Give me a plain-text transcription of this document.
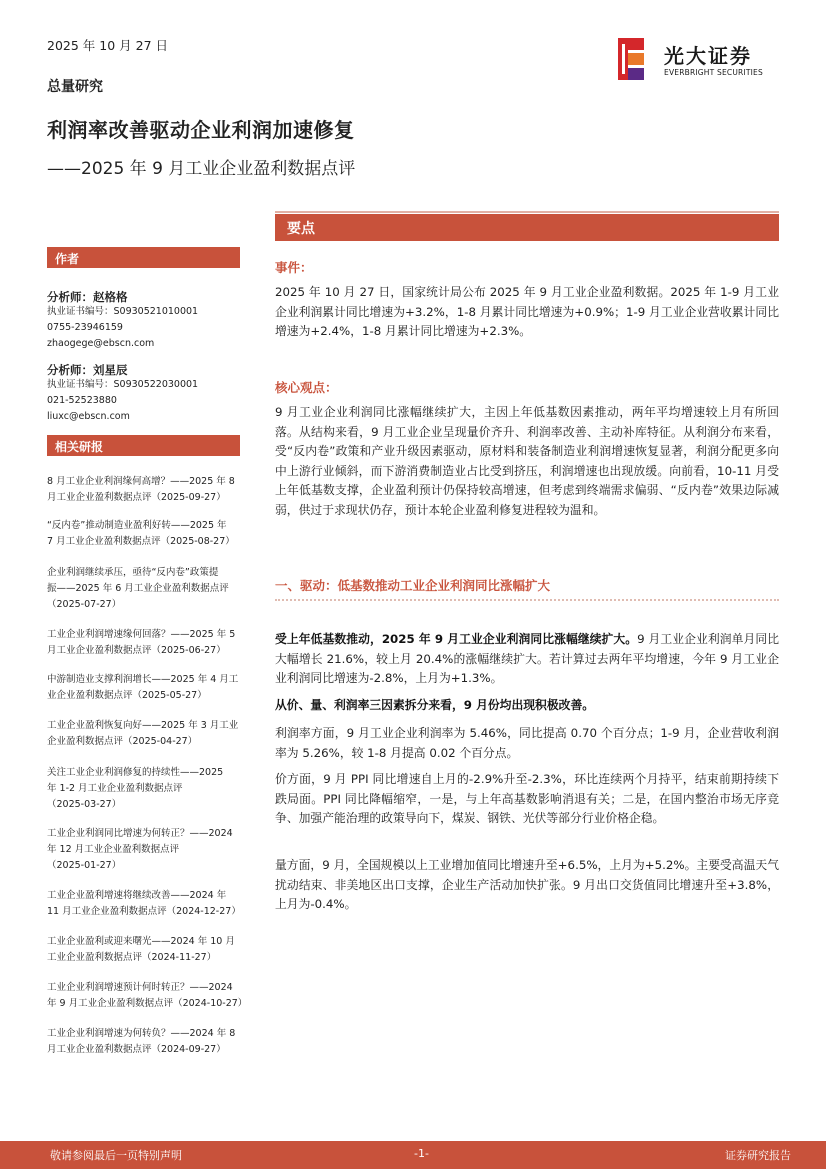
2025 年 10 月 27 日
总量研究
利润率改善驱动企业利润加速修复
——2025 年 9 月工业企业盈利数据点评
光大证券
EVERBRIGHT SECURITIES
要点
作者
分析师：赵格格
执业证书编号：S0930521010001
0755-23946159
zhaogege@ebscn.com
分析师：刘星辰
执业证书编号：S0930522030001
021-52523880
liuxc@ebscn.com
相关研报
8 月工业企业利润缘何高增？——2025 年 8
月工业企业盈利数据点评（2025-09-27）
“反内卷”推动制造业盈利好转——2025 年
7 月工业企业盈利数据点评（2025-08-27）
企业利润继续承压，亟待“反内卷”政策提
振——2025 年 6 月工业企业盈利数据点评
（2025-07-27）
工业企业利润增速缘何回落？——2025 年 5
月工业企业盈利数据点评（2025-06-27）
中游制造业支撑利润增长——2025 年 4 月工
业企业盈利数据点评（2025-05-27）
工业企业盈利恢复向好——2025 年 3 月工业
企业盈利数据点评（2025-04-27）
关注工业企业利润修复的持续性——2025
年 1-2 月工业企业盈利数据点评
（2025-03-27）
工业企业利润同比增速为何转正？——2024
年 12 月工业企业盈利数据点评
（2025-01-27）
工业企业盈利增速将继续改善——2024 年
11 月工业企业盈利数据点评（2024-12-27）
工业企业盈利或迎来曙光——2024 年 10 月
工业企业盈利数据点评（2024-11-27）
工业企业利润增速预计何时转正？——2024
年 9 月工业企业盈利数据点评（2024-10-27）
工业企业利润增速为何转负？——2024 年 8
月工业企业盈利数据点评（2024-09-27）
事件：
2025 年 10 月 27 日，国家统计局公布 2025 年 9 月工业企业盈利数据。2025 年 1-9 月工业企业利润累计同比增速为+3.2%，1-8 月累计同比增速为+0.9%；1-9 月工业企业营收累计同比增速为+2.4%，1-8 月累计同比增速为+2.3%。
核心观点：
9 月工业企业利润同比涨幅继续扩大，主因上年低基数因素推动，两年平均增速较上月有所回落。从结构来看，9 月工业企业呈现量价齐升、利润率改善、主动补库特征。从利润分布来看，受“反内卷”政策和产业升级因素驱动，原材料和装备制造业利润增速恢复显著，利润分配更多向中上游行业倾斜，而下游消费制造业占比受到挤压，利润增速也出现放缓。向前看，10-11 月受上年低基数支撑，企业盈利预计仍保持较高增速，但考虑到终端需求偏弱、“反内卷”效果边际减弱，供过于求现状仍存，预计本轮企业盈利修复进程较为温和。
一、驱动：低基数推动工业企业利润同比涨幅扩大
受上年低基数推动，2025 年 9 月工业企业利润同比涨幅继续扩大。9 月工业企业利润单月同比大幅增长 21.6%，较上月 20.4%的涨幅继续扩大。若计算过去两年平均增速，今年 9 月工业企业利润同比增速为-2.8%，上月为+1.3%。
从价、量、利润率三因素拆分来看，9 月份均出现积极改善。
利润率方面，9 月工业企业利润率为 5.46%，同比提高 0.70 个百分点；1-9 月，企业营收利润率为 5.26%，较 1-8 月提高 0.02 个百分点。
价方面，9 月 PPI 同比增速自上月的-2.9%升至-2.3%，环比连续两个月持平，结束前期持续下跌局面。PPI 同比降幅缩窄，一是，与上年高基数影响消退有关；二是，在国内整治市场无序竞争、加强产能治理的政策导向下，煤炭、钢铁、光伏等部分行业价格企稳。
量方面，9 月，全国规模以上工业增加值同比增速升至+6.5%，上月为+5.2%。主要受高温天气扰动结束、非美地区出口支撑，企业生产活动加快扩张。9 月出口交货值同比增速升至+3.8%，上月为-0.4%。
敬请参阅最后一页特别声明	-1-	证券研究报告
